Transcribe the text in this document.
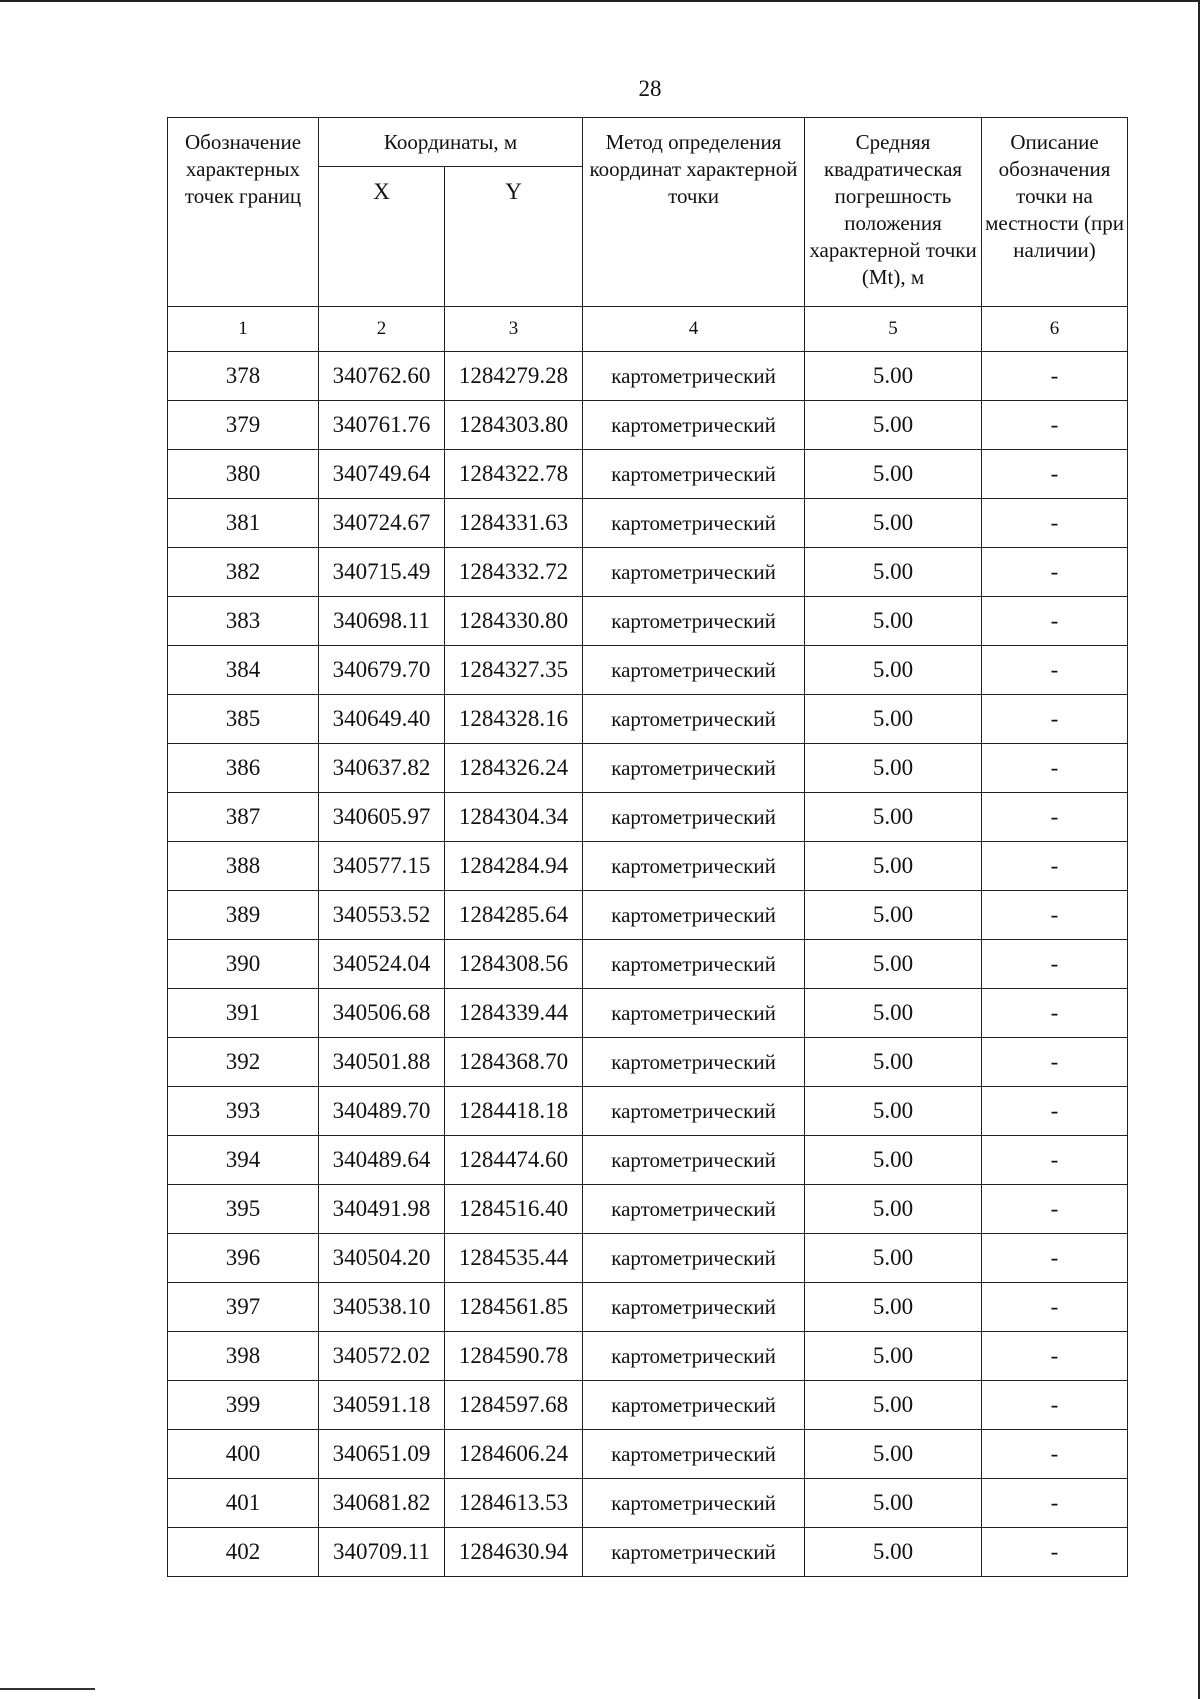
28
Обозначение характерных точек границ	Координаты, м		Метод определения координат характерной точки	Средняя квадратическая погрешность положения характерной точки (Mt), м	Описание обозначения точки на местности (при наличии)
	X	Y			
1	2	3	4	5	6
378	340762.60	1284279.28	картометрический	5.00	-
379	340761.76	1284303.80	картометрический	5.00	-
380	340749.64	1284322.78	картометрический	5.00	-
381	340724.67	1284331.63	картометрический	5.00	-
382	340715.49	1284332.72	картометрический	5.00	-
383	340698.11	1284330.80	картометрический	5.00	-
384	340679.70	1284327.35	картометрический	5.00	-
385	340649.40	1284328.16	картометрический	5.00	-
386	340637.82	1284326.24	картометрический	5.00	-
387	340605.97	1284304.34	картометрический	5.00	-
388	340577.15	1284284.94	картометрический	5.00	-
389	340553.52	1284285.64	картометрический	5.00	-
390	340524.04	1284308.56	картометрический	5.00	-
391	340506.68	1284339.44	картометрический	5.00	-
392	340501.88	1284368.70	картометрический	5.00	-
393	340489.70	1284418.18	картометрический	5.00	-
394	340489.64	1284474.60	картометрический	5.00	-
395	340491.98	1284516.40	картометрический	5.00	-
396	340504.20	1284535.44	картометрический	5.00	-
397	340538.10	1284561.85	картометрический	5.00	-
398	340572.02	1284590.78	картометрический	5.00	-
399	340591.18	1284597.68	картометрический	5.00	-
400	340651.09	1284606.24	картометрический	5.00	-
401	340681.82	1284613.53	картометрический	5.00	-
402	340709.11	1284630.94	картометрический	5.00	-
